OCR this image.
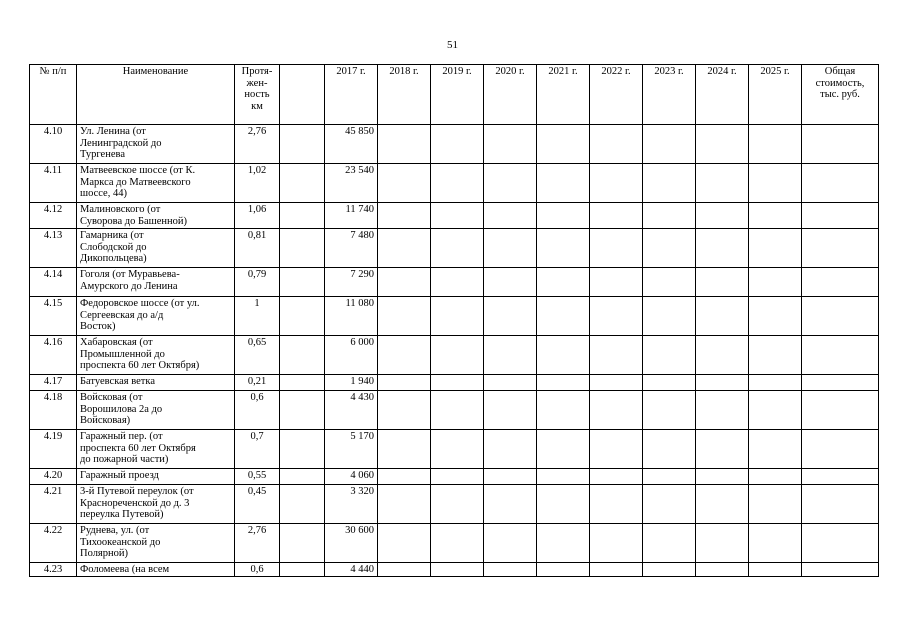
51
№ п/п	Наименование	Протя-
жен-
ность
км		2017 г.	2018 г.	2019 г.	2020 г.	2021 г.	2022 г.	2023 г.	2024 г.	2025 г.	Общая
стоимость,
тыс. руб.
4.10	Ул. Ленина (от
Ленинградской до
Тургенева	2,76		45 850									
4.11	Матвеевское шоссе (от К.
Маркса до Матвеевского
шоссе, 44)	1,02		23 540									
4.12	Малиновского (от
Суворова до Башенной)	1,06		11 740									
4.13	Гамарника (от
Слободской до
Дикопольцева)	0,81		7 480									
4.14	Гоголя (от Муравьева-
Амурского до Ленина	0,79		7 290									
4.15	Федоровское шоссе (от ул.
Сергеевская до а/д
Восток)	1		11 080									
4.16	Хабаровская (от
Промышленной до
проспекта 60 лет Октября)	0,65		6 000									
4.17	Батуевская ветка	0,21		1 940									
4.18	Войсковая (от
Ворошилова 2а до
Войсковая)	0,6		4 430									
4.19	Гаражный пер. (от
проспекта 60 лет Октября
до пожарной части)	0,7		5 170									
4.20	Гаражный проезд	0,55		4 060									
4.21	3-й Путевой переулок (от
Краснореченской до д. 3
переулка Путевой)	0,45		3 320									
4.22	Руднева, ул. (от
Тихоокеанской до
Полярной)	2,76		30 600									
4.23	Фоломеева (на всем	0,6		4 440									
